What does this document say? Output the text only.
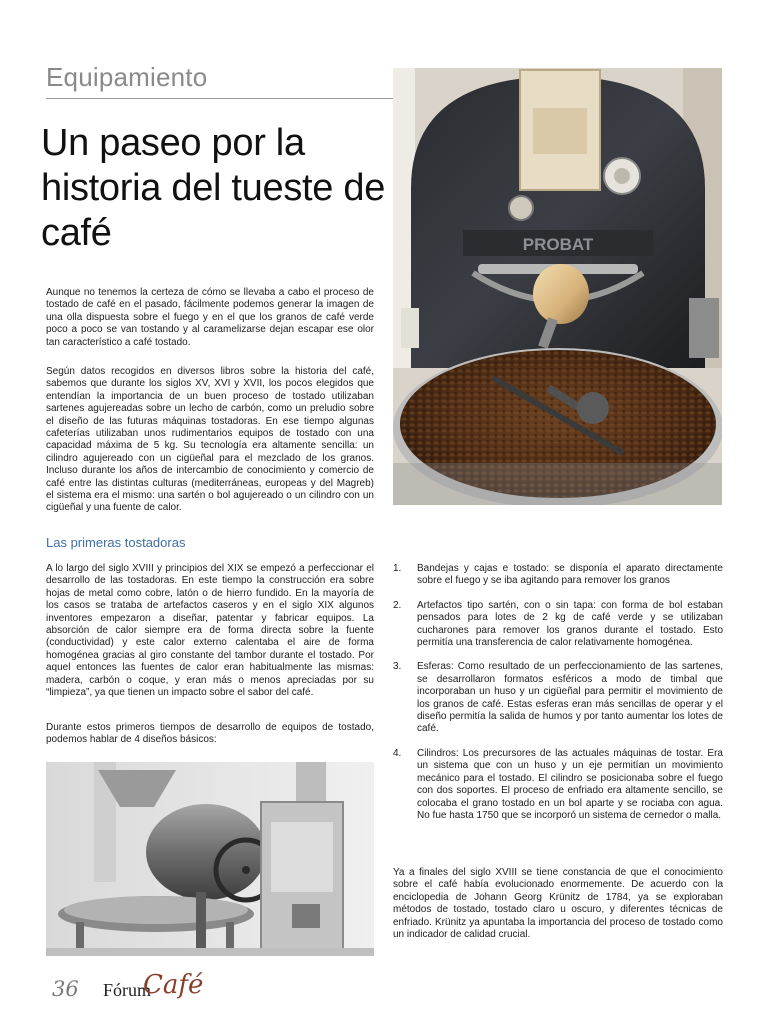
Equipamiento
Un paseo por la historia del tueste de café
Aunque no tenemos la certeza de cómo se llevaba a cabo el proceso de tostado de café en el pasado, fácilmente podemos generar la imagen de una olla dispuesta sobre el fuego y en el que los granos de café verde poco a poco se van tostando y al caramelizarse dejan escapar ese olor tan característico a café tostado.
Según datos recogidos en diversos libros sobre la historia del café, sabemos que durante los siglos XV, XVI y XVII, los pocos elegidos que entendían la importancia de un buen proceso de tostado utilizaban sartenes agujereadas sobre un lecho de carbón, como un preludio sobre el diseño de las futuras máquinas tostadoras. En ese tiempo algunas cafeterías utilizaban unos rudimentarios equipos de tostado con una capacidad máxima de 5 kg. Su tecnología era altamente sencilla: un cilindro agujereado con un cigüeñal para el mezclado de los granos. Incluso durante los años de intercambio de conocimiento y comercio de café entre las distintas culturas (mediterráneas, europeas y del Magreb) el sistema era el mismo: una sartén o bol agujereado o un cilindro con un cigüeñal y una fuente de calor.
Las primeras tostadoras
A lo largo del siglo XVIII y principios del XIX se empezó a perfeccionar el desarrollo de las tostadoras. En este tiempo la construcción era sobre hojas de metal como cobre, latón o de hierro fundido. En la mayoría de los casos se trataba de artefactos caseros y en el siglo XIX algunos inventores empezaron a diseñar, patentar y fabricar equipos. La absorción de calor siempre era de forma directa sobre la fuente (conductividad) y este calor externo calentaba el aire de forma homogénea gracias al giro constante del tambor durante el tostado. Por aquel entonces las fuentes de calor eran habitualmente las mismas: madera, carbón o coque, y eran más o menos apreciadas por su “limpieza”, ya que tienen un impacto sobre el sabor del café.
Durante estos primeros tiempos de desarrollo de equipos de tostado, podemos hablar de 4 diseños básicos:
PROBAT
1. Bandejas y cajas e tostado: se disponía el aparato directamente sobre el fuego y se iba agitando para remover los granos
2. Artefactos tipo sartén, con o sin tapa: con forma de bol estaban pensados para lotes de 2 kg de café verde y se utilizaban cucharones para remover los granos durante el tostado. Esto permitía una transferencia de calor relativamente homogénea.
3. Esferas: Como resultado de un perfeccionamiento de las sartenes, se desarrollaron formatos esféricos a modo de timbal que incorporaban un huso y un cigüeñal para permitir el movimiento de los granos de café. Estas esferas eran más sencillas de operar y el diseño permitía la salida de humos y por tanto aumentar los lotes de café.
4. Cilindros: Los precursores de las actuales máquinas de tostar. Era un sistema que con un huso y un eje permitían un movimiento mecánico para el tostado. El cilindro se posicionaba sobre el fuego con dos soportes. El proceso de enfriado era altamente sencillo, se colocaba el grano tostado en un bol aparte y se rociaba con agua. No fue hasta 1750 que se incorporó un sistema de cernedor o malla.
Ya a finales del siglo XVIII se tiene constancia de que el conocimiento sobre el café había evolucionado enormemente. De acuerdo con la enciclopedia de Johann Georg Krünitz de 1784, ya se exploraban métodos de tostado, tostado claro u oscuro, y diferentes técnicas de enfriado. Krünitz ya apuntaba la importancia del proceso de tostado como un indicador de calidad crucial.
36 Fórum
Café
